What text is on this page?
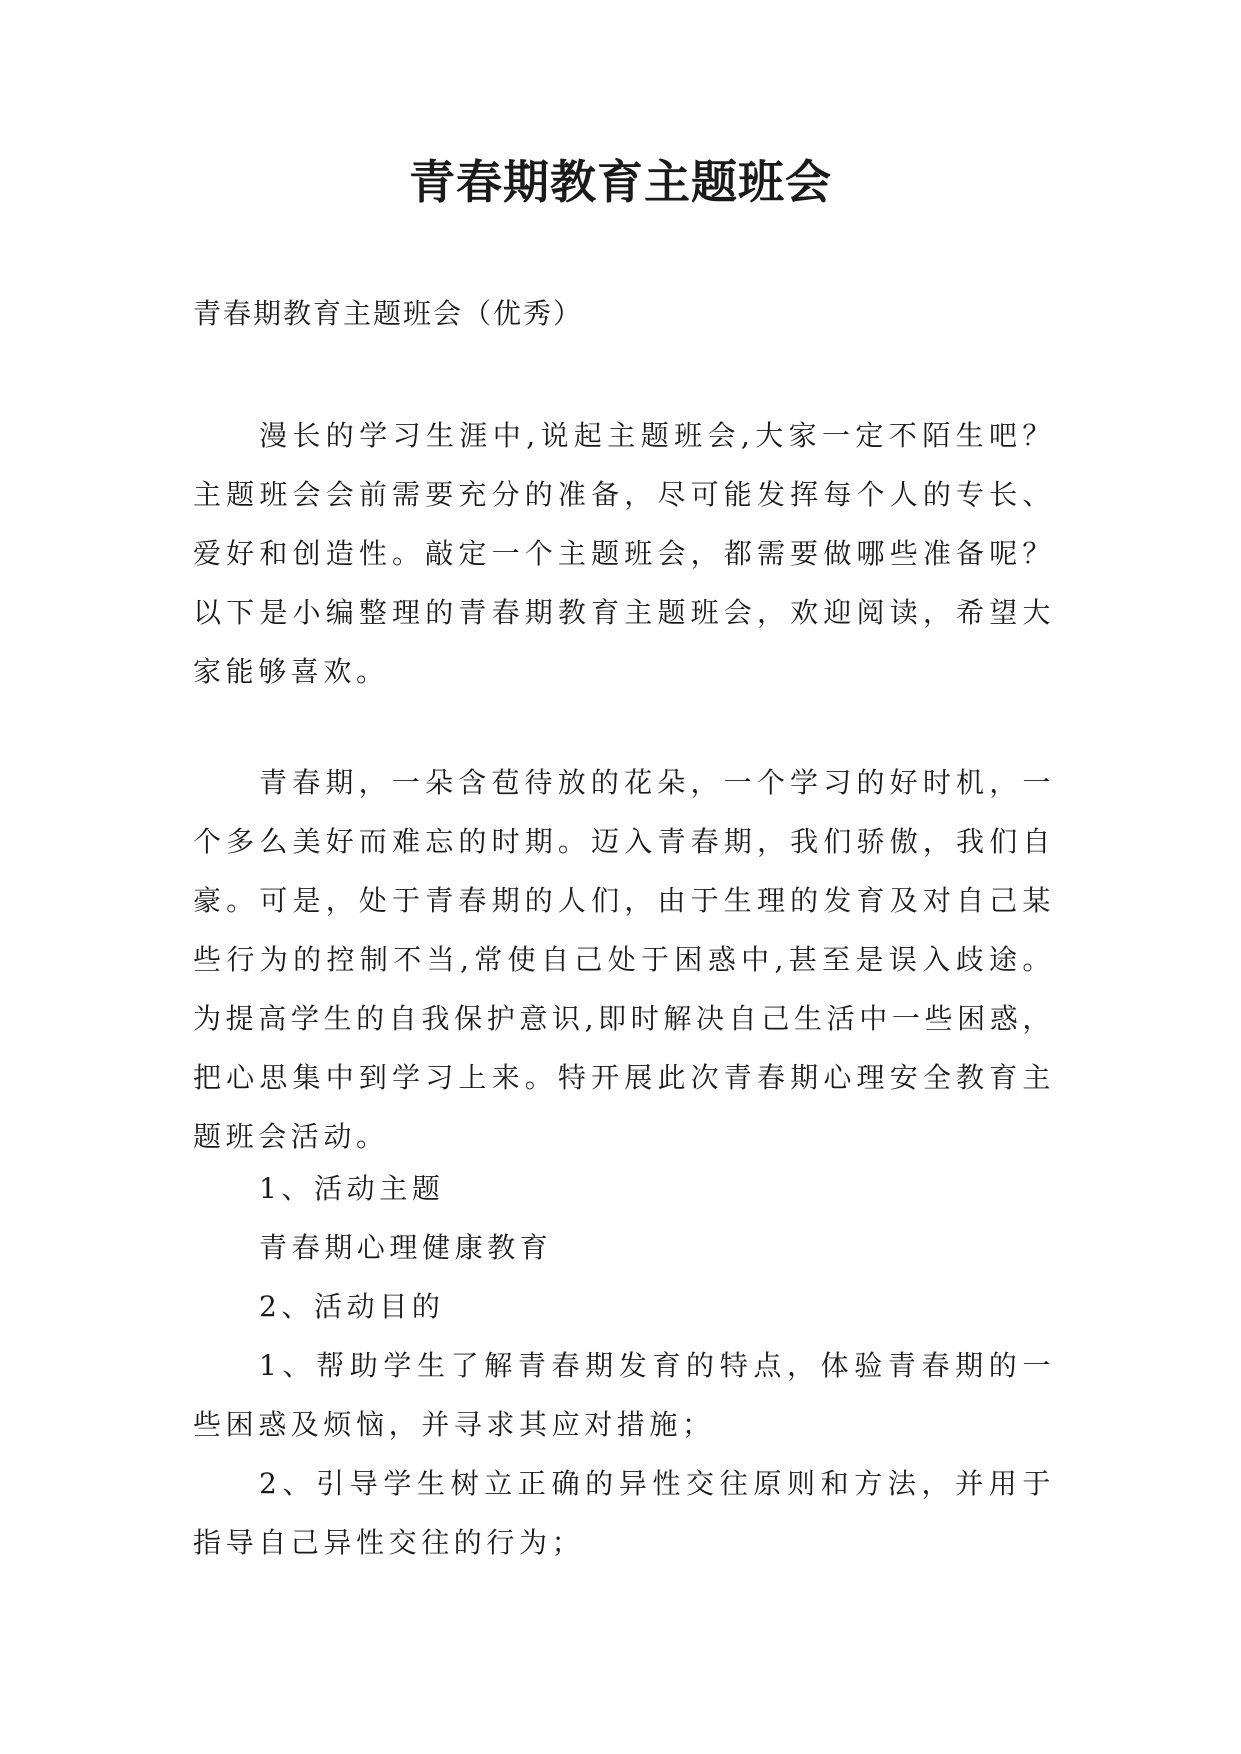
青春期教育主题班会

青春期教育主题班会（优秀）

漫长的学习生涯中,说起主题班会,大家一定不陌生吧？主题班会会前需要充分的准备，尽可能发挥每个人的专长、爱好和创造性。敲定一个主题班会，都需要做哪些准备呢？以下是小编整理的青春期教育主题班会，欢迎阅读，希望大家能够喜欢。

青春期，一朵含苞待放的花朵，一个学习的好时机，一个多么美好而难忘的时期。迈入青春期，我们骄傲，我们自豪。可是，处于青春期的人们，由于生理的发育及对自己某些行为的控制不当,常使自己处于困惑中,甚至是误入歧途。为提高学生的自我保护意识,即时解决自己生活中一些困惑，把心思集中到学习上来。特开展此次青春期心理安全教育主题班会活动。

1、活动主题

青春期心理健康教育

2、活动目的

1、帮助学生了解青春期发育的特点，体验青春期的一些困惑及烦恼，并寻求其应对措施；

2、引导学生树立正确的异性交往原则和方法，并用于指导自己异性交往的行为；
